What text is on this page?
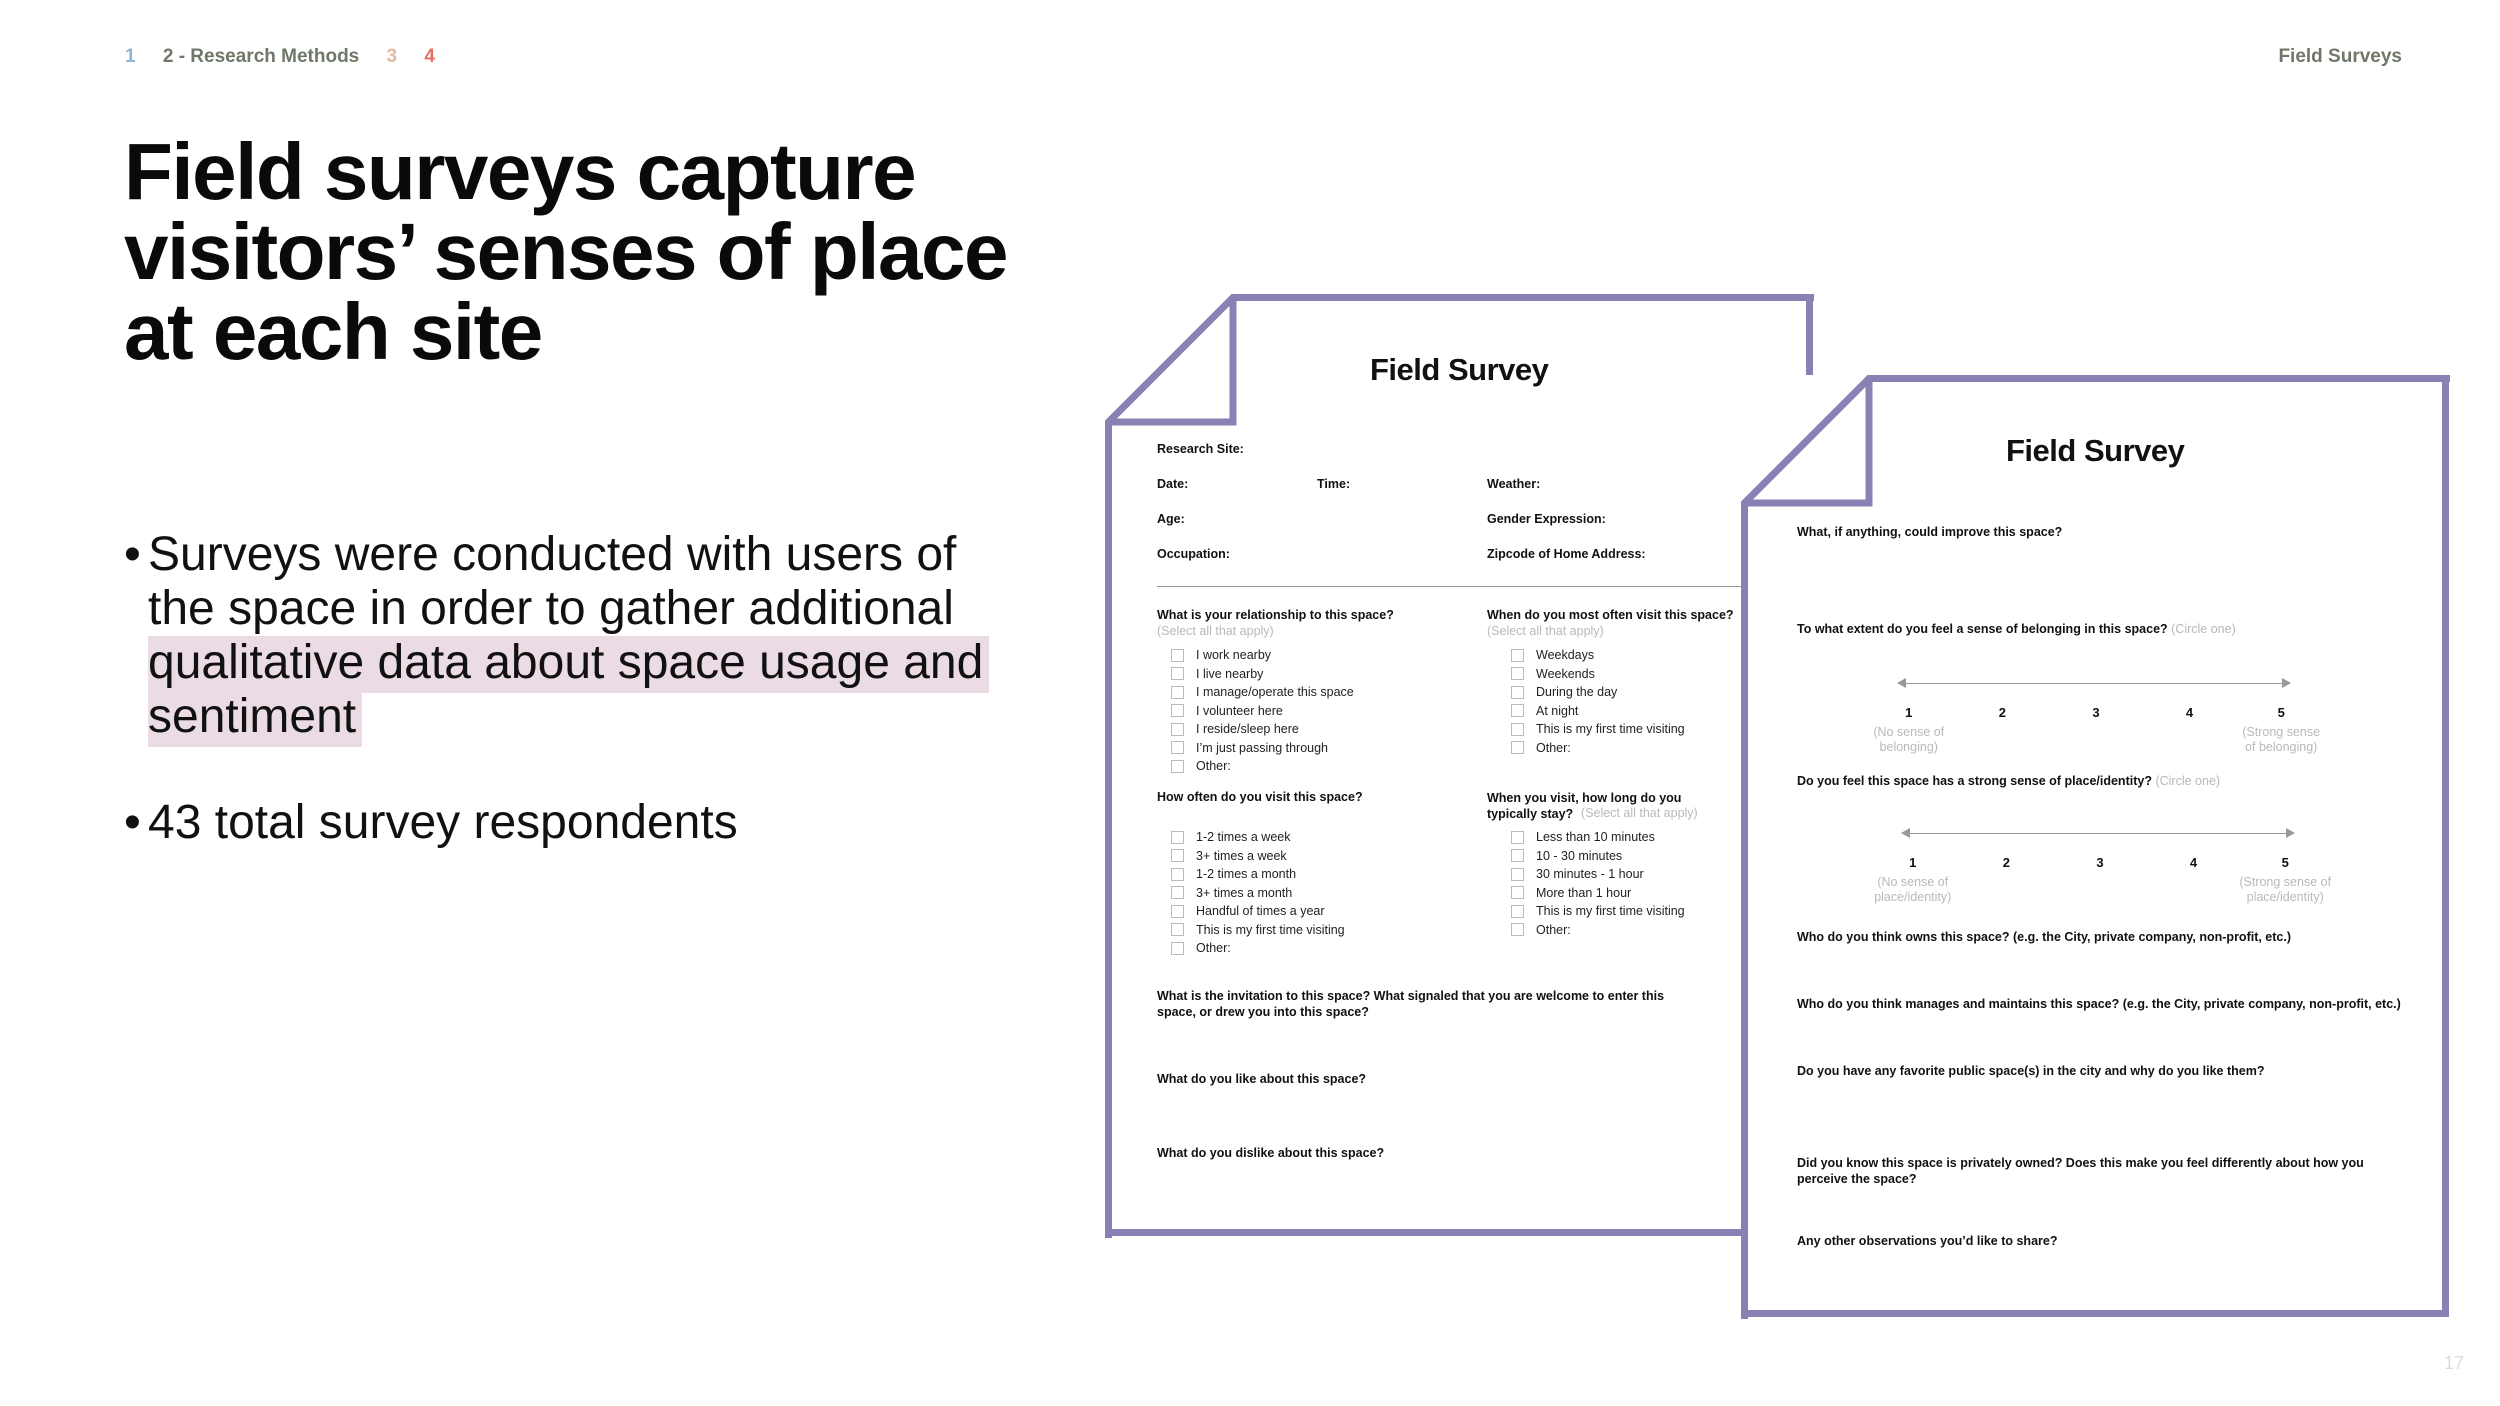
1 2 - Research Methods 3 4	Field Surveys
Field surveys capture visitors’ senses of place at each site
• Surveys were conducted with users of the space in order to gather additional qualitative data about space usage and sentiment
• 43 total survey respondents
Field Survey
Research Site:
Date:	Time:	Weather:
Age:	Gender Expression:
Occupation:	Zipcode of Home Address:
What is your relationship to this space?
(Select all that apply)
I work nearby
I live nearby
I manage/operate this space
I volunteer here
I reside/sleep here
I’m just passing through
Other:
When do you most often visit this space?
(Select all that apply)
Weekdays
Weekends
During the day
At night
This is my first time visiting
Other:
How often do you visit this space?
1-2 times a week
3+ times a week
1-2 times a month
3+ times a month
Handful of times a year
This is my first time visiting
Other:
When you visit, how long do you typically stay? (Select all that apply)
Less than 10 minutes
10 - 30 minutes
30 minutes - 1 hour
More than 1 hour
This is my first time visiting
Other:
What is the invitation to this space? What signaled that you are welcome to enter this space, or drew you into this space?
What do you like about this space?
What do you dislike about this space?
Field Survey
What, if anything, could improve this space?
To what extent do you feel a sense of belonging in this space? (Circle one)
1	2	3	4	5
(No sense of belonging)
(Strong sense of belonging)
Do you feel this space has a strong sense of place/identity? (Circle one)
1	2	3	4	5
(No sense of place/identity)
(Strong sense of place/identity)
Who do you think owns this space? (e.g. the City, private company, non-profit, etc.)
Who do you think manages and maintains this space? (e.g. the City, private company, non-profit, etc.)
Do you have any favorite public space(s) in the city and why do you like them?
Did you know this space is privately owned? Does this make you feel differently about how you perceive the space?
Any other observations you’d like to share?
17
